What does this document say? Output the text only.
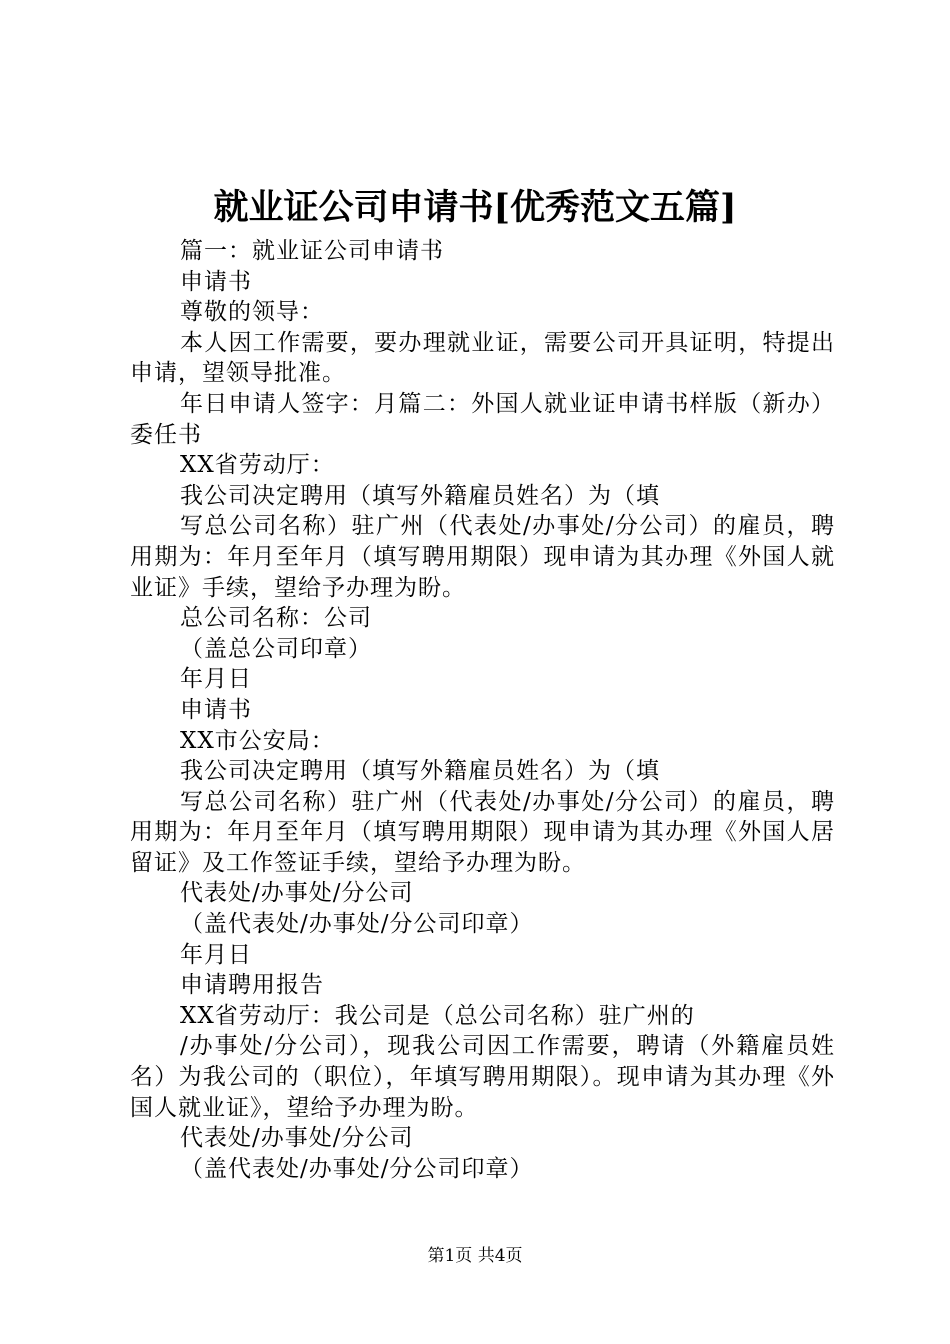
就业证公司申请书[优秀范文五篇]

篇一：就业证公司申请书

申请书

尊敬的领导：

本人因工作需要，要办理就业证，需要公司开具证明，特提出申请，望领导批准。

年日申请人签字：月篇二：外国人就业证申请书样版（新办）委任书

XX省劳动厅：

我公司决定聘用（填写外籍雇员姓名）为（填

写总公司名称）驻广州（代表处/办事处/分公司）的雇员，聘用期为：年月至年月（填写聘用期限）现申请为其办理《外国人就业证》手续，望给予办理为盼。

总公司名称：公司

（盖总公司印章）

年月日

申请书

XX市公安局：

我公司决定聘用（填写外籍雇员姓名）为（填

写总公司名称）驻广州（代表处/办事处/分公司）的雇员，聘用期为：年月至年月（填写聘用期限）现申请为其办理《外国人居留证》及工作签证手续，望给予办理为盼。

代表处/办事处/分公司

（盖代表处/办事处/分公司印章）

年月日

申请聘用报告

XX省劳动厅：我公司是（总公司名称）驻广州的

/办事处/分公司），现我公司因工作需要，聘请（外籍雇员姓名）为我公司的（职位），年填写聘用期限）。现申请为其办理《外国人就业证》，望给予办理为盼。

代表处/办事处/分公司

（盖代表处/办事处/分公司印章）

第1页 共4页
